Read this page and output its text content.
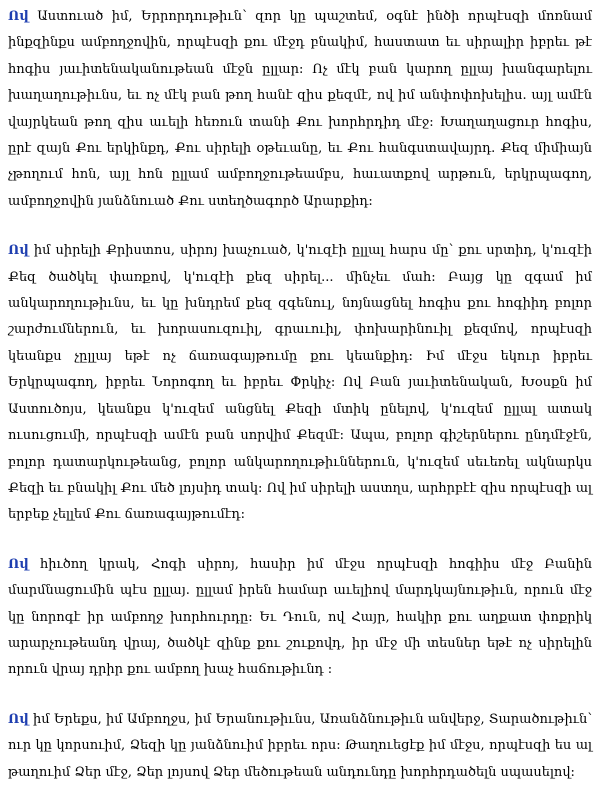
Ով Աստուած իմ, Երրորդութիւն՝ զոր կը պաշտեմ, օգնէ ինծի որպէսզի մոռնամ ինքզինքս ամբողջովին, որպէսզի քու մէջդ բնակիմ, հաստատ եւ սիրալիր իբրեւ թէ հոգիս յաւիտենականութեան մէջն ըլլար: Ոչ մէկ բան կարող ըլլայ խանգարելու խաղաղութիւնս, եւ ոչ մէկ բան թող հանէ զիս քեզմէ, ով իմ անփոփոխելիս. այլ ամէն վայրկեան թող զիս աւելի հեռուն տանի Քու խորհրդիդ մէջ: Խաղաղացուր հոգիս, ըրէ զայն Քու երկինքդ, Քու սիրելի օթեւանը, եւ Քու հանգստավայրդ. Քեզ միմիայն չթողում հոն, այլ հոն ըլլամ ամբողջութեամբս, հաւատքով արթուն, երկրպագող, ամբողջովին յանձնուած Քու ստեղծագործ Արարքիդ:

Ով իմ սիրելի Քրիստոս, սիրոյ խաչուած, կ'ուզէի ըլլալ հարս մը՝ քու սրտիդ, կ'ուզէի Քեզ ծածկել փառքով, կ'ուզէի քեզ սիրել... մինչեւ մահ: Բայց կը զգամ իմ անկարողութիւնս, եւ կը խնդրեմ քեզ զգենուլ, նոյնացնել հոգիս քու հոգիիդ բոլոր շարժումներուն, եւ խորասուզուիլ, գրաւուիլ, փոխարինուիլ քեզմով, որպէսզի կեանքս չըլլայ եթէ ոչ ճառագայթումը քու կեանքիդ: Իմ մէջս եկուր իբրեւ Երկրպագող, իբրեւ Նորոգող եւ իբրեւ Փրկիչ: Ով Բան յաւիտենական, Խօսքն իմ Աստուծոյս, կեանքս կ'ուզեմ անցնել Քեզի մտիկ ընելով, կ'ուզեմ ըլլալ ատակ ուսուցումի, որպէսզի ամէն բան սորվիմ Քեզմէ: Ապա, բոլոր գիշերներու ընդմէջէն, բոլոր դատարկութեանց, բոլոր անկարողութիւններուն, կ'ուզեմ սեւեռել ակնարկս Քեզի եւ բնակիլ Քու մեծ լոյսիդ տակ: Ով իմ սիրելի աստղս, արհրբէէ զիս որպէսզի ալ երբեք չելլեմ Քու ճառագայթումէդ:

Ով հիւծող կրակ, Հոգի սիրոյ, հասիր իմ մէջս որպէսզի հոգիիս մէջ Բանին մարմնացումին պէս ըլլայ. ըլլամ իրեն համար աւելիով մարդկայնութիւն, որուն մէջ կը նորոգէ իր ամբողջ խորհուրդը: Եւ Դուն, ով Հայր, հակիր քու աղքատ փոքրիկ արարչութեանդ վրայ, ծածկէ զինք քու շուքովդ, իր մէջ մի տեսներ եթէ ոչ սիրելին որուն վրայ դրիր քու ամբող խաչ հաճութիւնդ :

Ով իմ Երեքս, իմ Ամբողջս, իմ Երանութիւնս, Առանձնութիւն անվերջ, Տարածութիւն՝ ուր կը կորսուիմ, Ձեզի կը յանձնուիմ իբրեւ որս: Թաղուեցէք իմ մէջս, որպէսզի ես ալ թաղուիմ Ձեր մէջ, Ձեր լոյսով Ձեր մեծութեան անդունդը խորհրդածելն սպասելով:
